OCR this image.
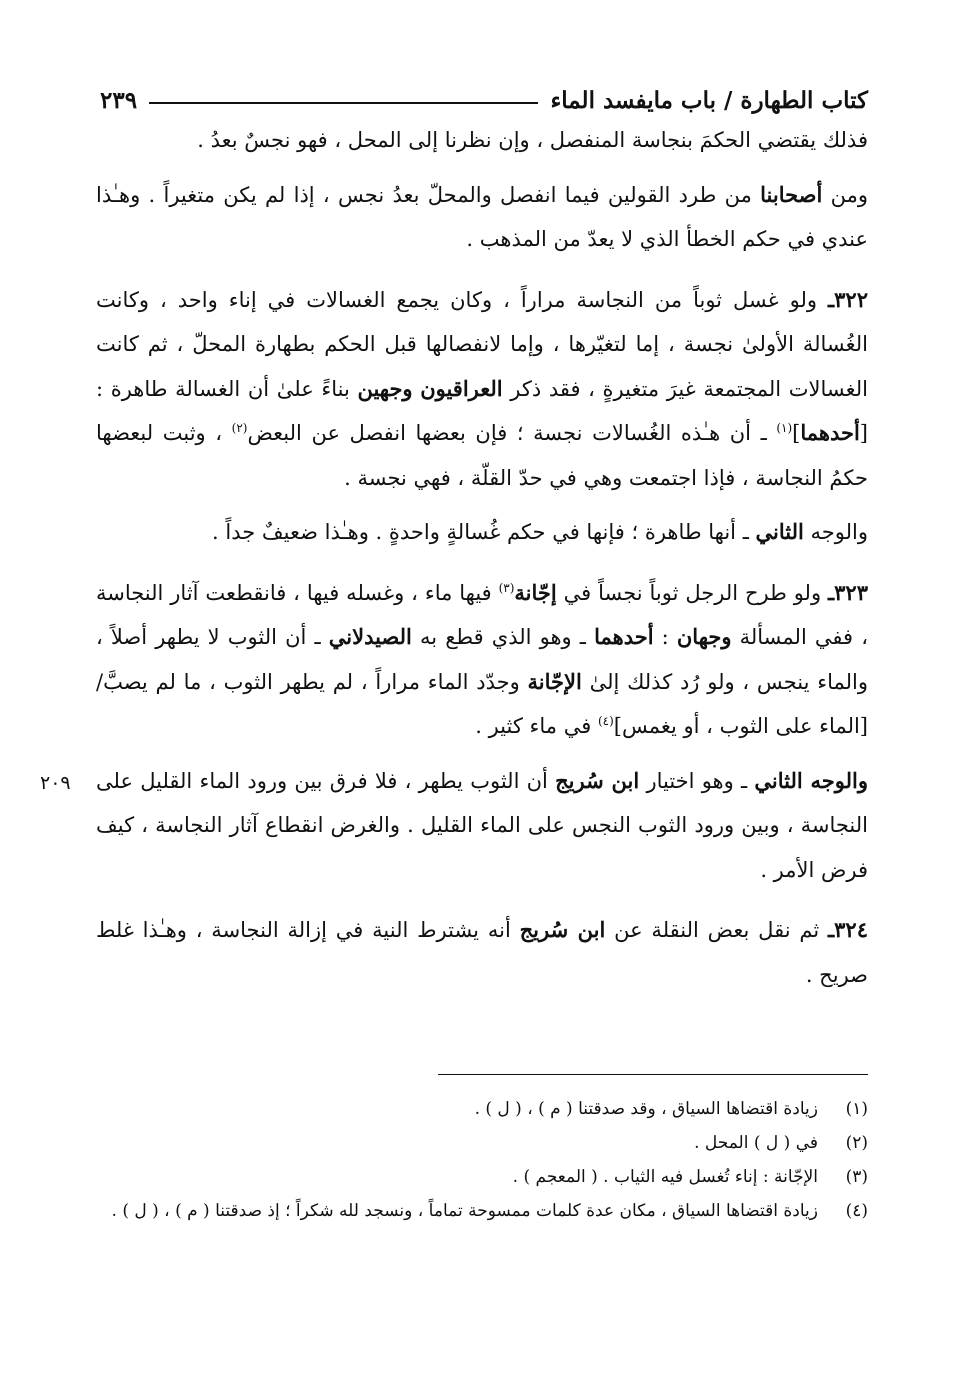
كتاب الطهارة / باب مايفسد الماء
٢٣٩

فذلك يقتضي الحكمَ بنجاسة المنفصل ، وإن نظرنا إلى المحل ، فهو نجسٌ بعدُ .

ومن أصحابنا من طرد القولين فيما انفصل والمحلّ بعدُ نجس ، إذا لم يكن متغيراً . وهـٰذا عندي في حكم الخطأ الذي لا يعدّ من المذهب .

٣٢٢ـ ولو غسل ثوباً من النجاسة مراراً ، وكان يجمع الغسالات في إناء واحد ، وكانت الغُسالة الأولىٰ نجسة ، إما لتغيّرها ، وإما لانفصالها قبل الحكم بطهارة المحلّ ، ثم كانت الغسالات المجتمعة غيرَ متغيرةٍ ، فقد ذكر العراقيون وجهين بناءً علىٰ أن الغسالة طاهرة : [أحدهما]$^{(١)}$ ـ أن هـٰذه الغُسالات نجسة ؛ فإن بعضها انفصل عن البعض$^{(٢)}$ ، وثبت لبعضها حكمُ النجاسة ، فإذا اجتمعت وهي في حدّ القلّة ، فهي نجسة .

والوجه الثاني ـ أنها طاهرة ؛ فإنها في حكم غُسالةٍ واحدةٍ . وهـٰذا ضعيفٌ جداً .

٣٢٣ـ ولو طرح الرجل ثوباً نجساً في إجّانة$^{(٣)}$ فيها ماء ، وغسله فيها ، فانقطعت آثار النجاسة ، ففي المسألة وجهان : أحدهما ـ وهو الذي قطع به الصيدلاني ـ أن الثوب لا يطهر أصلاً ، والماء ينجس ، ولو رُد كذلك إلىٰ الإجّانة وجدّد الماء مراراً ، لم يطهر الثوب ، ما لم يصبَّ/ [الماء على الثوب ، أو يغمس]$^{(٤)}$ في ماء كثير .

والوجه الثاني ـ وهو اختيار ابن سُريج أن الثوب يطهر ، فلا فرق بين ورود الماء القليل على النجاسة ، وبين ورود الثوب النجس على الماء القليل . والغرض انقطاع آثار النجاسة ، كيف فرض الأمر .

٣٢٤ـ ثم نقل بعض النقلة عن ابن سُريج أنه يشترط النية في إزالة النجاسة ، وهـٰذا غلط صريح .

٢٠٩
(١)
زيادة اقتضاها السياق ، وقد صدقتنا ( م ) ، ( ل ) .
(٢)
في ( ل ) المحل .
(٣)
الإجّانة : إناء تُغسل فيه الثياب . ( المعجم ) .
(٤)
زيادة اقتضاها السياق ، مكان عدة كلمات ممسوحة تماماً ، ونسجد لله شكراً ؛ إذ صدقتنا ( م ) ، ( ل ) .
